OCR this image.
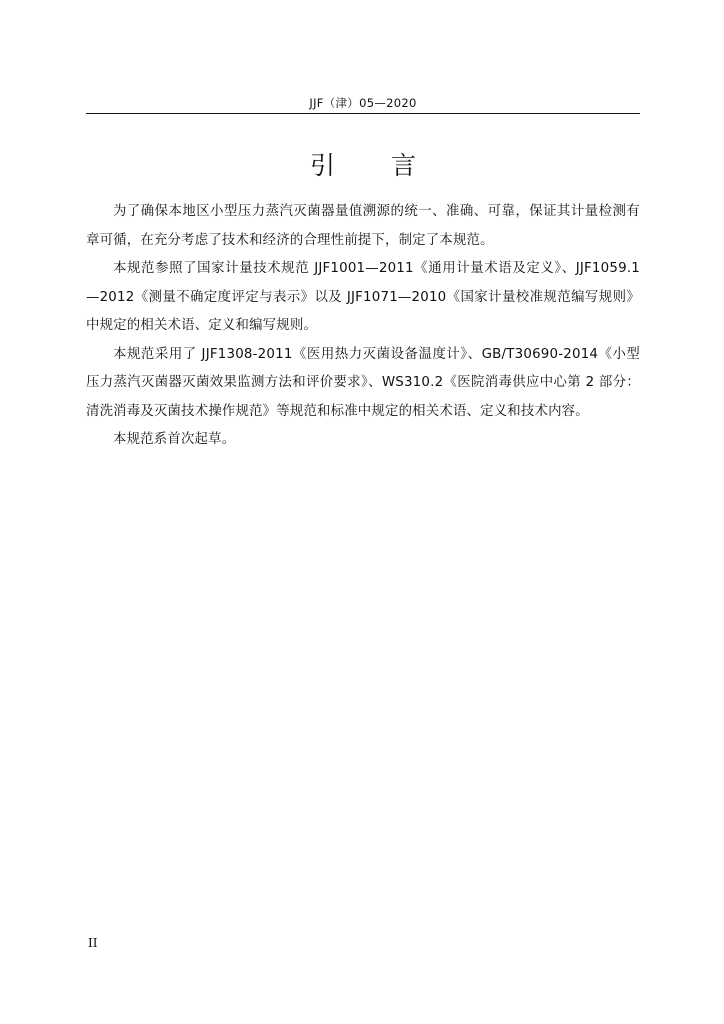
JJF（津）05—2020
引言

为了确保本地区小型压力蒸汽灭菌器量值溯源的统一、准确、可靠，保证其计量检测有章可循，在充分考虑了技术和经济的合理性前提下，制定了本规范。

本规范参照了国家计量技术规范 JJF1001—2011《通用计量术语及定义》、JJF1059.1—2012《测量不确定度评定与表示》以及 JJF1071—2010《国家计量校准规范编写规则》中规定的相关术语、定义和编写规则。

本规范采用了 JJF1308-2011《医用热力灭菌设备温度计》、GB/T30690-2014《小型压力蒸汽灭菌器灭菌效果监测方法和评价要求》、WS310.2《医院消毒供应中心第 2 部分：清洗消毒及灭菌技术操作规范》等规范和标准中规定的相关术语、定义和技术内容。

本规范系首次起草。

II
